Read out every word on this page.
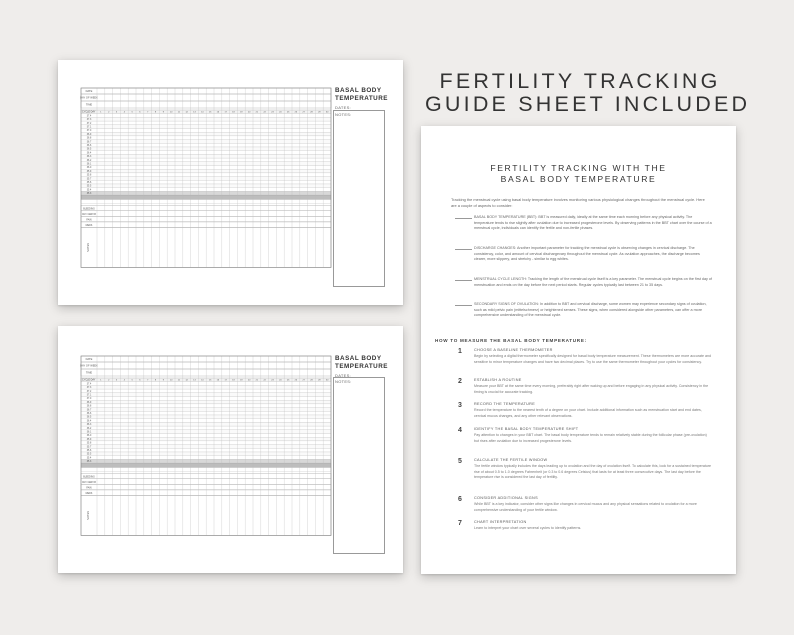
FERTILITY TRACKING
GUIDE SHEET INCLUDED
DATE
DAY OF WEEK
TIME
CYCLE DAY 1	2	3	4	5	6	7	8	9	10	11	12	13	14	15	16	17	18	19	20	21	22	23	24	25	26	27	28	29	30
37.4
37.3
37.2
37.1
37.0
36.9
36.8
36.7
36.6
36.5
36.4
36.3
36.2
36.1
36.0
35.9
35.8
35.7
35.6
35.5
35.4
35.3
BLEEDING
CM / CERVIX
PAIN
MEDS
NOTES
BASAL BODY
TEMPERATURE
DATES:
NOTES:
DATE
DAY OF WEEK
TIME
CYCLE DAY 1	2	3	4	5	6	7	8	9	10	11	12	13	14	15	16	17	18	19	20	21	22	23	24	25	26	27	28	29	30
37.4
37.3
37.2
37.1
37.0
36.9
36.8
36.7
36.6
36.5
36.4
36.3
36.2
36.1
36.0
35.9
35.8
35.7
35.6
35.5
35.4
35.3
BLEEDING
CM / CERVIX
PAIN
MEDS
NOTES
BASAL BODY
TEMPERATURE
DATES:
NOTES:
FERTILITY TRACKING WITH THE
BASAL BODY TEMPERATURE
Tracking the menstrual cycle using basal body temperature involves monitoring various physiological changes throughout the menstrual cycle. Here are a couple of aspects to consider:
BASAL BODY TEMPERATURE (BBT): BBT is measured daily, ideally at the same time each morning before any physical activity. The temperature tends to rise slightly after ovulation due to increased progesterone levels. By observing patterns in the BBT chart over the course of a menstrual cycle, individuals can identify the fertile and non-fertile phases.
DISCHARGE CHANGES: Another important parameter for tracking the menstrual cycle is observing changes in cervical discharge. The consistency, color, and amount of cervical dischargevary throughout the menstrual cycle. As ovulation approaches, the discharge becomes clearer, more slippery, and stretchy - similar to egg whites.
MENSTRUAL CYCLE LENGTH: Tracking the length of the menstrual cycle itself is a key parameter. The menstrual cycle begins on the first day of menstruation and ends on the day before the next period starts. Regular cycles typically last between 21 to 35 days.
SECONDARY SIGNS OF OVULATION: In addition to BBT and cervical discharge, some women may experience secondary signs of ovulation, such as mild pelvic pain (mittelschmerz) or heightened senses. These signs, when considered alongside other parameters, can offer a more comprehensive understanding of the menstrual cycle.
HOW TO MEASURE THE BASAL BODY TEMPERATURE:
1	CHOOSE A BASELINE THERMOMETER
Begin by selecting a digital thermometer specifically designed for basal body temperature measurement. These thermometers are more accurate and sensitive to minor temperature changes and have two decimal places. Try to use the same thermometer throughout your cycles for consistency.
2	ESTABLISH A ROUTINE
Measure your BBT at the same time every morning, preferably right after waking up and before engaging in any physical activity. Consistency in the timing is crucial for accurate tracking.
3	RECORD THE TEMPERATURE
Record the temperature to the nearest tenth of a degree on your chart. Include additional information such as menstruation start and end dates, cervical mucus changes, and any other relevant observations.
4	IDENTIFY THE BASAL BODY TEMPERATURE SHIFT
Pay attention to changes in your BBT chart. The basal body temperature tends to remain relatively stable during the follicular phase (pre-ovulation) but rises after ovulation due to increased progesterone levels.
5	CALCULATE THE FERTILE WINDOW
The fertile window typically includes the days leading up to ovulation and the day of ovulation itself. To calculate this, look for a sustained temperature rise of about 0.5 to 1.0 degrees Fahrenheit (or 0.3 to 0.6 degrees Celsius) that lasts for at least three consecutive days. The last day before the temperature rise is considered the last day of fertility.
6	CONSIDER ADDITIONAL SIGNS
While BBT is a key indicator, consider other signs like changes in cervical mucus and any physical sensations related to ovulation for a more comprehensive understanding of your fertile window.
7	CHART INTERPRETATION
Learn to interpret your chart over several cycles to identify patterns.
